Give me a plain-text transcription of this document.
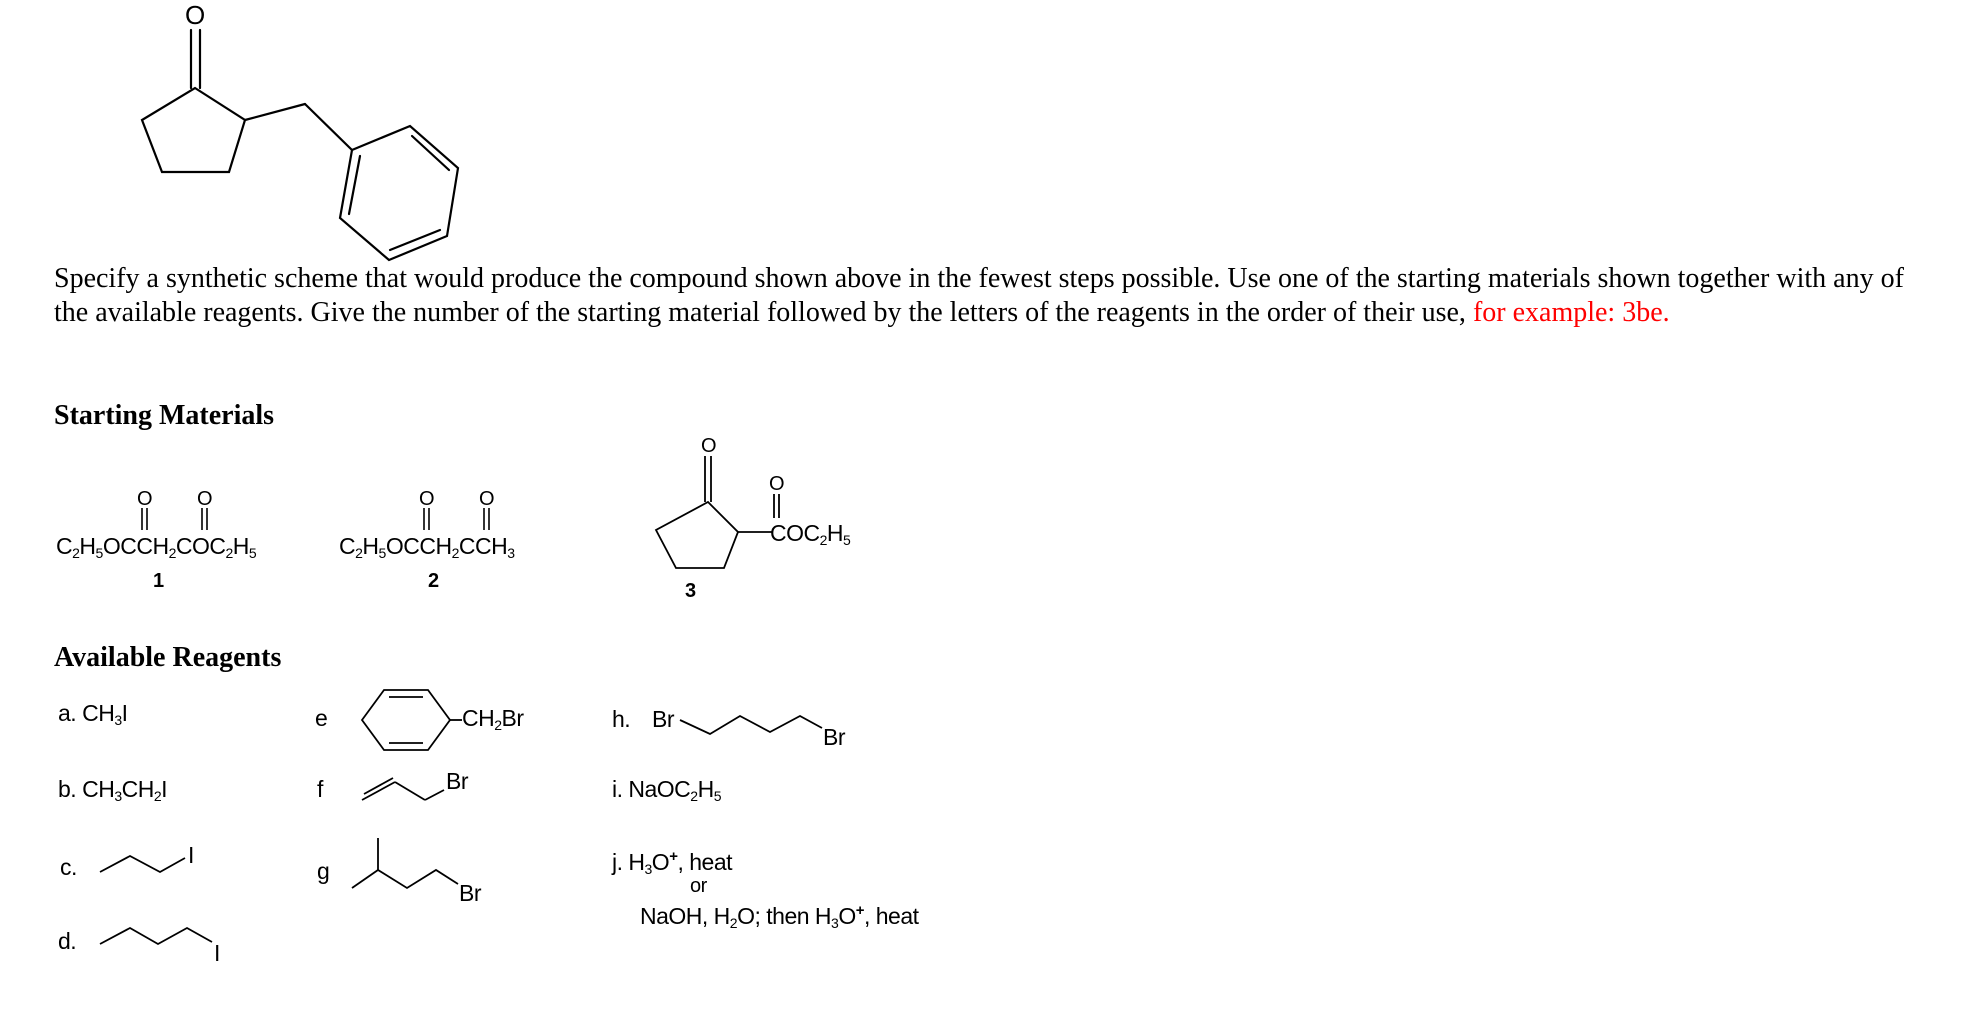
O
Specify a synthetic scheme that would produce the compound shown above in the fewest steps possible. Use one of the starting materials shown together with any of the available reagents. Give the number of the starting material followed by the letters of the reagents in the order of their use, for example: 3be.
Starting Materials
O O
$C_2H_5OCCH_2COC_2H_5$
1
O O
$C_2H_5OCCH_2CCH_3$
2
O
O
$COC_2H_5$
3
Available Reagents
a. $CH_3I$
b. $CH_3CH_2I$
c.	I
d.	I
e	$CH_2Br$
f	Br
g
Br
h. Br
Br
i. $NaOC_2H_5$
j. $H_3O^+$, heat
or
NaOH, $H_2O$; then $H_3O^+$, heat
